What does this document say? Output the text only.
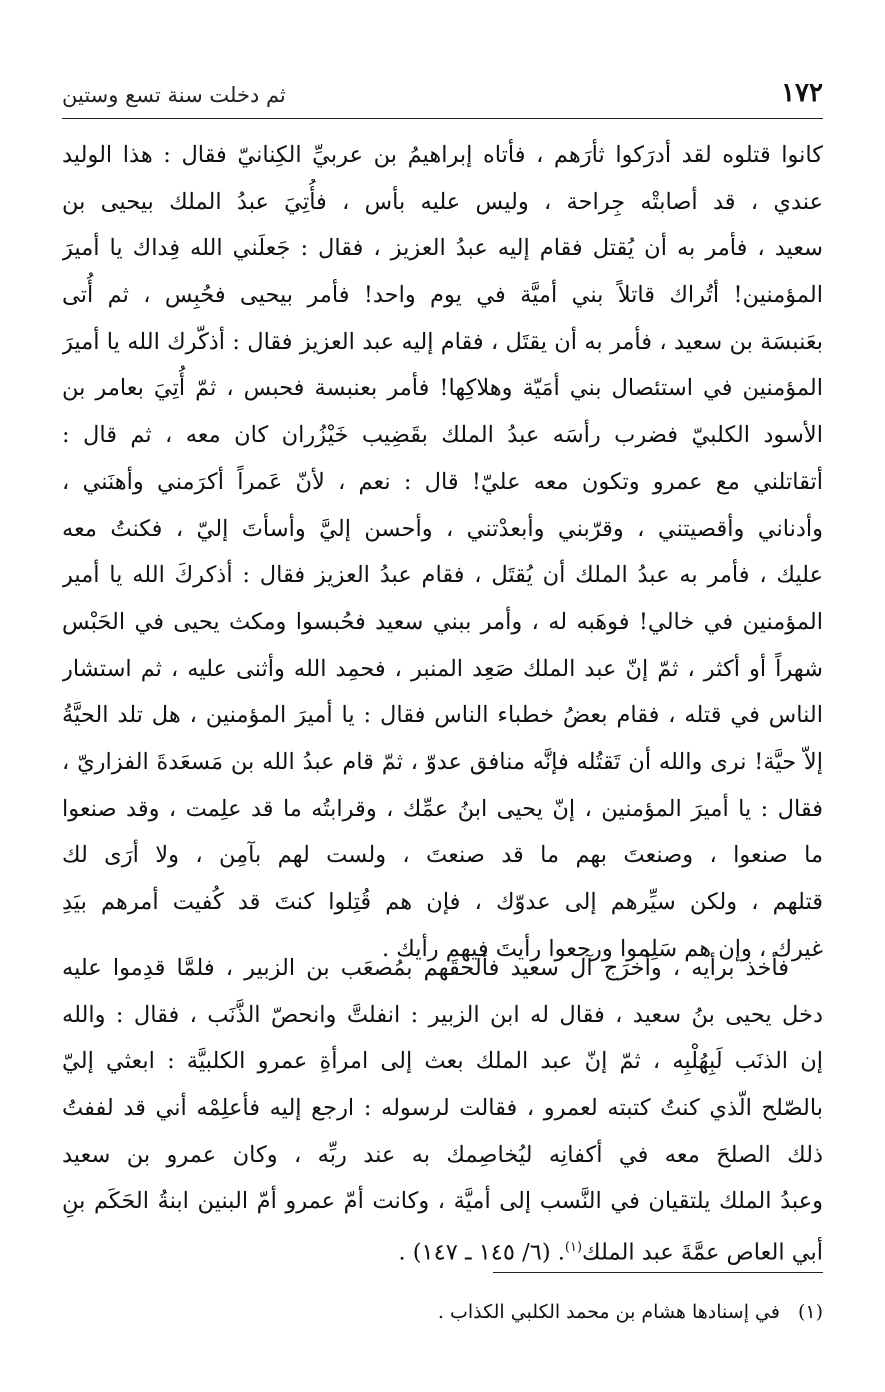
١٧٢
ثم دخلت سنة تسع وستين
كانوا قتلوه لقد أدرَكوا ثأرَهم ، فأتاه إبراهيمُ بن عربيِّ الكِنانيّ فقال : هذا الوليد
عندي ، قد أصابتْه جِراحة ، وليس عليه بأس ، فأُتِيَ عبدُ الملك بيحيى بن
سعيد ، فأمر به أن يُقتل فقام إليه عبدُ العزيز ، فقال : جَعلَني الله فِداك يا أميرَ
المؤمنين! أتُراك قاتلاً بني أميَّة في يوم واحد! فأمر بيحيى فحُبِس ، ثم أُتى
بعَنبسَة بن سعيد ، فأمر به أن يقتَل ، فقام إليه عبد العزيز فقال : أذكّرك الله يا أميرَ
المؤمنين في استئصال بني أمَيّة وهلاكِها! فأمر بعنبسة فحبس ، ثمّ أُتِيَ بعامر بن
الأسود الكلبيّ فضرب رأسَه عبدُ الملك بقَضِيب خَيْزُران كان معه ، ثم قال :
أتقاتلني مع عمرو وتكون معه عليّ! قال : نعم ، لأنّ عَمراً أكرَمني وأهنَني ،
وأدناني وأقصيتني ، وقرّبني وأبعدْتني ، وأحسن إليَّ وأسأتَ إليّ ، فكنتُ معه
عليك ، فأمر به عبدُ الملك أن يُقتَل ، فقام عبدُ العزيز فقال : أذكركَ الله يا أمير
المؤمنين في خالي! فوهَبه له ، وأمر ببني سعيد فحُبسوا ومكث يحيى في الحَبْس
شهراً أو أكثر ، ثمّ إنّ عبد الملك صَعِد المنبر ، فحمِد الله وأثنى عليه ، ثم استشار
الناس في قتله ، فقام بعضُ خطباء الناس فقال : يا أميرَ المؤمنين ، هل تلد الحيَّةُ
إلاّ حيَّة! نرى والله أن تَقتُله فإنَّه منافق عدوّ ، ثمّ قام عبدُ الله بن مَسعَدةَ الفزاريّ ،
فقال : يا أميرَ المؤمنين ، إنّ يحيى ابنُ عمِّك ، وقرابتُه ما قد علِمت ، وقد صنعوا
ما صنعوا ، وصنعتَ بهم ما قد صنعتَ ، ولست لهم بآمِن ، ولا أرَى لك
قتلهم ، ولكن سيِّرهم إلى عدوّك ، فإن هم قُتِلوا كنتَ قد كُفيت أمرهم بيَدِ
غيرك ، وإن هم سَلِموا ورجعوا رأيتَ فيهم رأيك .
فأخذ برأيه ، وأخرَج آل سعيد فألحقَهم بمُصعَب بن الزبير ، فلمَّا قدِموا عليه
دخل يحيى بنُ سعيد ، فقال له ابن الزبير : انفلتَّ وانحصّ الذَّنَب ، فقال : والله
إن الذنَب لَبِهُلْبِه ، ثمّ إنّ عبد الملك بعث إلى امرأةِ عمرو الكلبيَّة : ابعثي إليّ
بالصّلح الّذي كنتُ كتبته لعمرو ، فقالت لرسوله : ارجع إليه فأعلِمْه أني قد لففتُ
ذلك الصلحَ معه في أكفانِه ليُخاصِمك به عند ربِّه ، وكان عمرو بن سعيد
وعبدُ الملك يلتقيان في النَّسب إلى أميَّة ، وكانت أمّ عمرو أمّ البنين ابنةُ الحَكَم بنِ
أبي العاص عمَّةَ عبد الملك$^{(١)}$. (٦/ ١٤٥ ـ ١٤٧) .
(١)في إسنادها هشام بن محمد الكلبي الكذاب .
